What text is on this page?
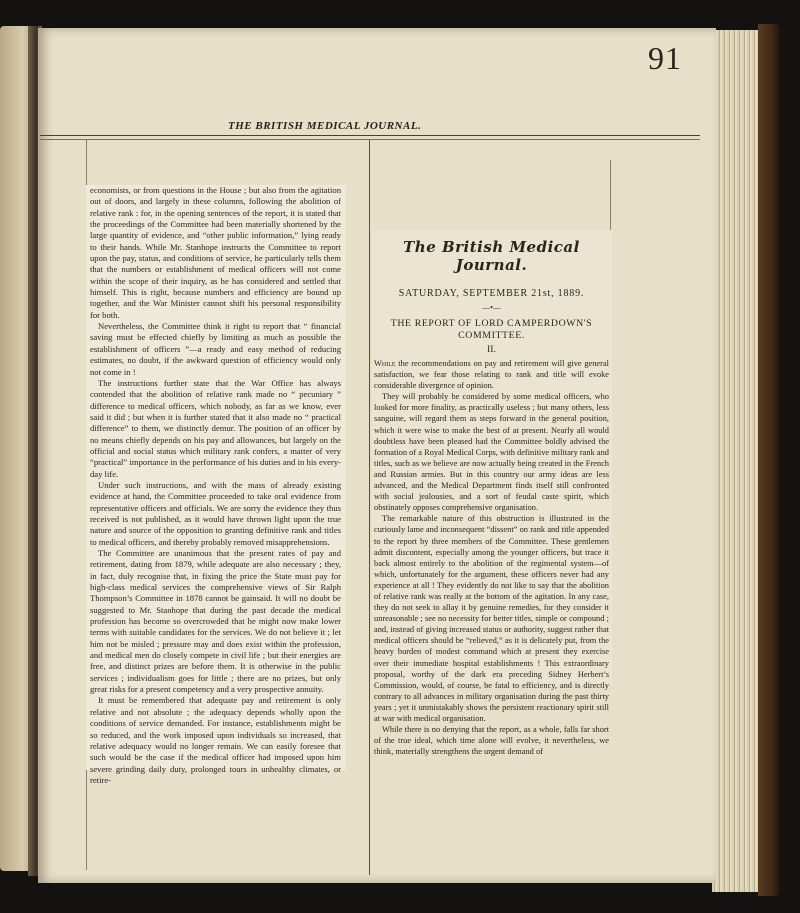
91
THE BRITISH MEDICAL JOURNAL.

economists, or from questions in the House ; but also from the agitation out of doors, and largely in these columns, following the abolition of relative rank : for, in the opening sentences of the report, it is stated that the proceedings of the Committee had been materially shortened by the large quantity of evidence, and “other public information,” lying ready to their hands. While Mr. Stanhope instructs the Committee to report upon the pay, status, and conditions of service, he particularly tells them that the numbers or establishment of medical officers will not come within the scope of their inquiry, as he has considered and settled that himself. This is right, because numbers and efficiency are bound up together, and the War Minister cannot shift his personal responsibility for both.

Nevertheless, the Committee think it right to report that “ financial saving must be effected chiefly by limiting as much as possible the establishment of officers ”—a ready and easy method of reducing estimates, no doubt, if the awkward question of efficiency would only not come in !

The instructions further state that the War Office has always contended that the abolition of relative rank made no “ pecuniary ” difference to medical officers, which nobody, as far as we know, ever said it did ; but when it is further stated that it also made no “ practical difference” to them, we distinctly demur. The position of an officer by no means chiefly depends on his pay and allowances, but largely on the official and social status which military rank confers, a matter of very “practical” importance in the performance of his duties and in his every-day life.

Under such instructions, and with the mass of already existing evidence at hand, the Committee proceeded to take oral evidence from representative officers and officials. We are sorry the evidence they thus received is not published, as it would have thrown light upon the true nature and source of the opposition to granting definitive rank and titles to medical officers, and thereby probably removed misapprehensions.

The Committee are unanimous that the present rates of pay and retirement, dating from 1879, while adequate are also necessary ; they, in fact, duly recognise that, in fixing the price the State must pay for high-class medical services the comprehensive views of Sir Ralph Thompson’s Committee in 1878 cannot be gainsaid. It will no doubt be suggested to Mr. Stanhope that during the past decade the medical profession has become so overcrowded that he might now make lower terms with suitable candidates for the services. We do not believe it ; let him not be misled ; pressure may and does exist within the profession, and medical men do closely compete in civil life ; but their energies are free, and distinct prizes are before them. It is otherwise in the public services ; individualism goes for little ; there are no prizes, but only great risks for a present competency and a very prospective annuity.

It must be remembered that adequate pay and retirement is only relative and not absolute ; the adequacy depends wholly upon the conditions of service demanded. For instance, establishments might be so reduced, and the work imposed upon individuals so increased, that relative adequacy would no longer remain. We can easily foresee that such would be the case if the medical officer had imposed upon him severe grinding daily duty, prolonged tours in unhealthy climates, or retire-

The British Medical Journal.
SATURDAY, SEPTEMBER 21st, 1889.
—•—
THE REPORT OF LORD CAMPERDOWN'S COMMITTEE.
II.

While the recommendations on pay and retirement will give general satisfaction, we fear those relating to rank and title will evoke considerable divergence of opinion.

They will probably be considered by some medical officers, who looked for more finality, as practically useless ; but many others, less sanguine, will regard them as steps forward in the general position, which it were wise to make the best of at present. Nearly all would doubtless have been pleased had the Committee boldly advised the formation of a Royal Medical Corps, with definitive military rank and titles, such as we believe are now actually being created in the French and Russian armies. But in this country our army ideas are less advanced, and the Medical Department finds itself still confronted with social jealousies, and a sort of feudal caste spirit, which obstinately opposes comprehensive organisation.

The remarkable nature of this obstruction is illustrated in the curiously lame and inconsequent “dissent” on rank and title appended to the report by three members of the Committee. These gentlemen admit discontent, especially among the younger officers, but trace it back almost entirely to the abolition of the regimental system—of which, unfortunately for the argument, these officers never had any experience at all ! They evidently do not like to say that the abolition of relative rank was really at the bottom of the agitation. In any case, they do not seek to allay it by genuine remedies, for they consider it unreasonable ; see no necessity for better titles, simple or compound ; and, instead of giving increased status or authority, suggest rather that medical officers should be “relieved,” as it is delicately put, from the heavy burden of modest command which at present they exercise over their immediate hospital establishments ! This extraordinary proposal, worthy of the dark era preceding Sidney Herbert’s Commission, would, of course, be fatal to efficiency, and is directly contrary to all advances in military organisation during the past thirty years ; yet it unmistakably shows the persistent reactionary spirit still at war with medical organisation.

While there is no denying that the report, as a whole, falls far short of the true ideal, which time alone will evolve, it nevertheless, we think, materially strengthens the urgent demand of
